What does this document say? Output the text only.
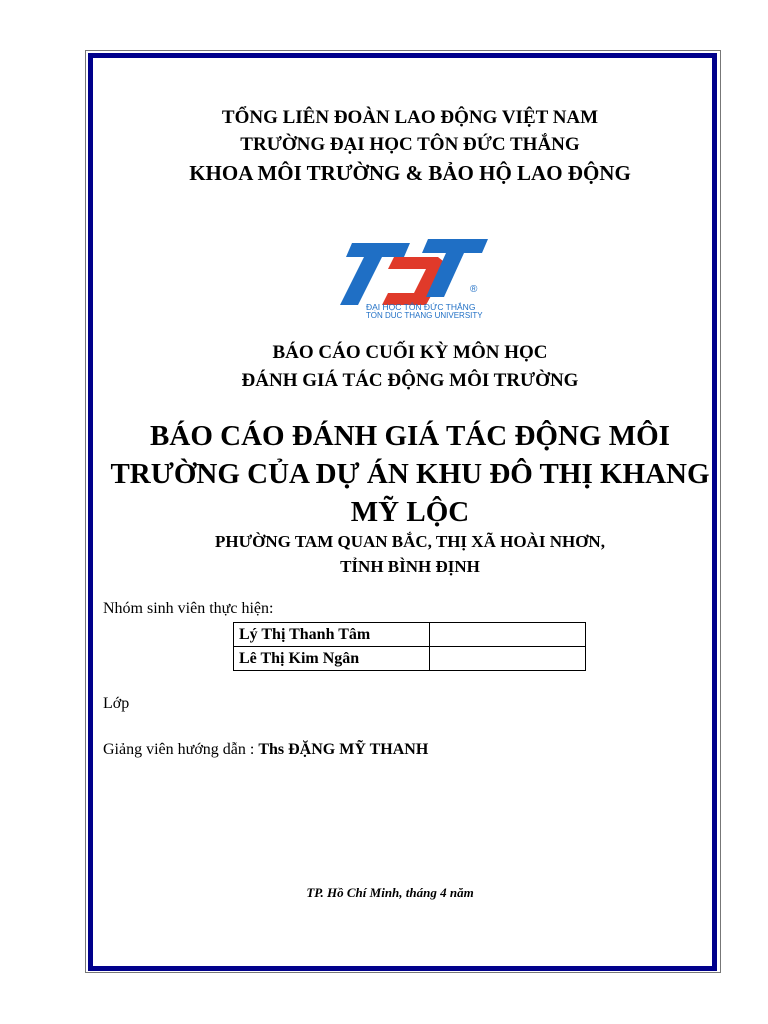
TỔNG LIÊN ĐOÀN LAO ĐỘNG VIỆT NAM
TRƯỜNG ĐẠI HỌC TÔN ĐỨC THẮNG
KHOA MÔI TRƯỜNG & BẢO HỘ LAO ĐỘNG
®
ĐẠI HỌC TÔN ĐỨC THẮNG
TON DUC THANG UNIVERSITY
BÁO CÁO CUỐI KỲ MÔN HỌC
ĐÁNH GIÁ TÁC ĐỘNG MÔI TRƯỜNG
BÁO CÁO ĐÁNH GIÁ TÁC ĐỘNG MÔI
TRƯỜNG CỦA DỰ ÁN KHU ĐÔ THỊ KHANG
MỸ LỘC
PHƯỜNG TAM QUAN BẮC, THỊ XÃ HOÀI NHƠN,
TỈNH BÌNH ĐỊNH
Nhóm sinh viên thực hiện:
Lý Thị Thanh Tâm	
Lê Thị Kim Ngân	
Lớp
Giảng viên hướng dẫn : Ths ĐẶNG MỸ THANH
TP. Hồ Chí Minh, tháng 4 năm
